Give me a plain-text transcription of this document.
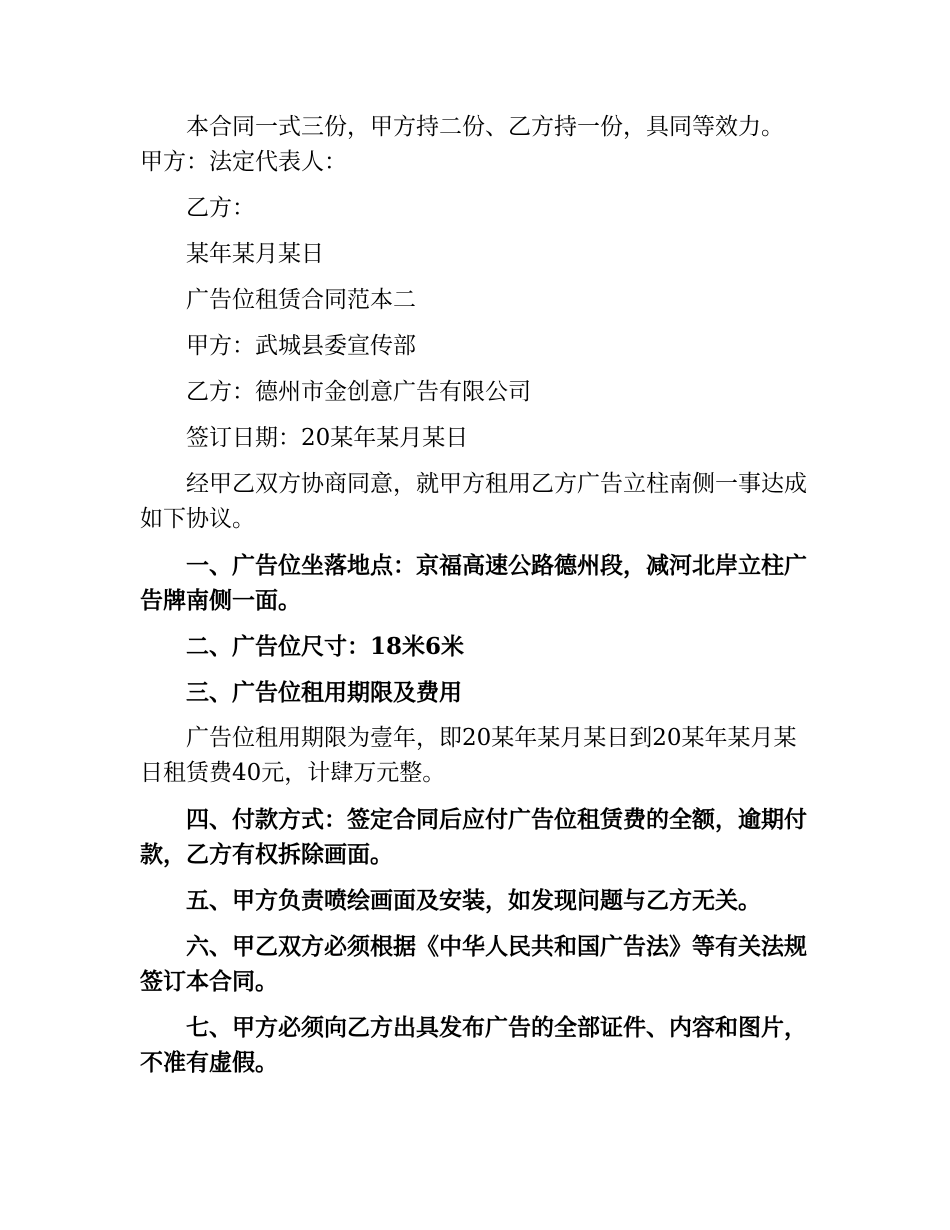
本合同一式三份，甲方持二份、乙方持一份，具同等效力。

甲方：法定代表人：

乙方：

某年某月某日

广告位租赁合同范本二

甲方：武城县委宣传部

乙方：德州市金创意广告有限公司

签订日期：20某年某月某日

经甲乙双方协商同意，就甲方租用乙方广告立柱南侧一事达成如下协议。

一、广告位坐落地点：京福高速公路德州段，减河北岸立柱广告牌南侧一面。

二、广告位尺寸：18米6米

三、广告位租用期限及费用

广告位租用期限为壹年，即20某年某月某日到20某年某月某日租赁费40元，计肆万元整。

四、付款方式：签定合同后应付广告位租赁费的全额，逾期付款，乙方有权拆除画面。

五、甲方负责喷绘画面及安装，如发现问题与乙方无关。

六、甲乙双方必须根据《中华人民共和国广告法》等有关法规签订本合同。

七、甲方必须向乙方出具发布广告的全部证件、内容和图片，不准有虚假。
